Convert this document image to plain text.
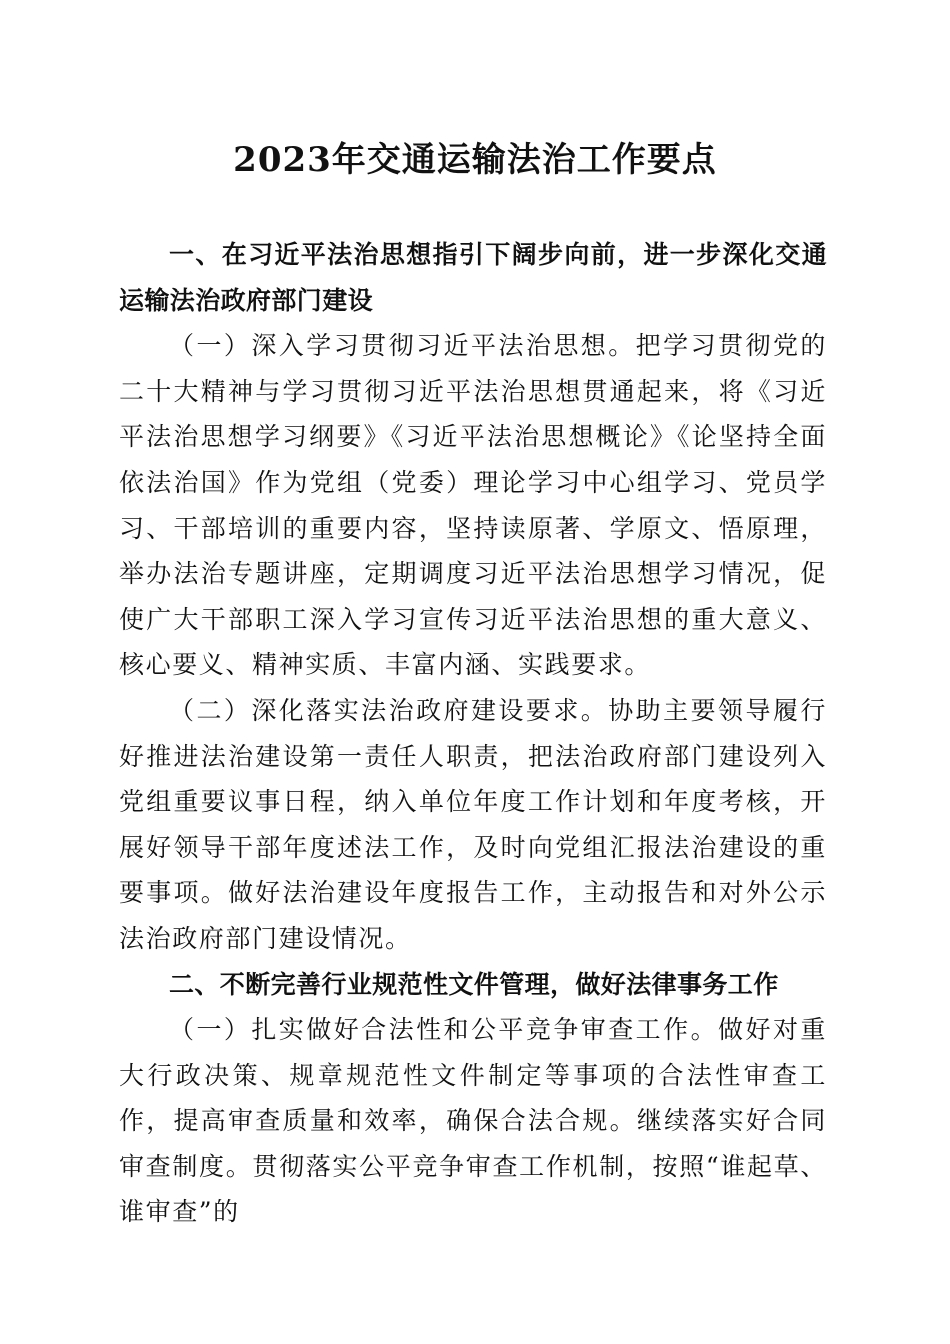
2023年交通运输法治工作要点

一、在习近平法治思想指引下阔步向前，进一步深化交通运输法治政府部门建设

（一）深入学习贯彻习近平法治思想。把学习贯彻党的二十大精神与学习贯彻习近平法治思想贯通起来，将《习近平法治思想学习纲要》《习近平法治思想概论》《论坚持全面依法治国》作为党组（党委）理论学习中心组学习、党员学习、干部培训的重要内容，坚持读原著、学原文、悟原理，举办法治专题讲座，定期调度习近平法治思想学习情况，促使广大干部职工深入学习宣传习近平法治思想的重大意义、核心要义、精神实质、丰富内涵、实践要求。

（二）深化落实法治政府建设要求。协助主要领导履行好推进法治建设第一责任人职责，把法治政府部门建设列入党组重要议事日程，纳入单位年度工作计划和年度考核，开展好领导干部年度述法工作，及时向党组汇报法治建设的重要事项。做好法治建设年度报告工作，主动报告和对外公示法治政府部门建设情况。

二、不断完善行业规范性文件管理，做好法律事务工作

（一）扎实做好合法性和公平竞争审查工作。做好对重大行政决策、规章规范性文件制定等事项的合法性审查工作，提高审查质量和效率，确保合法合规。继续落实好合同审查制度。贯彻落实公平竞争审查工作机制，按照“谁起草、谁审查”的
